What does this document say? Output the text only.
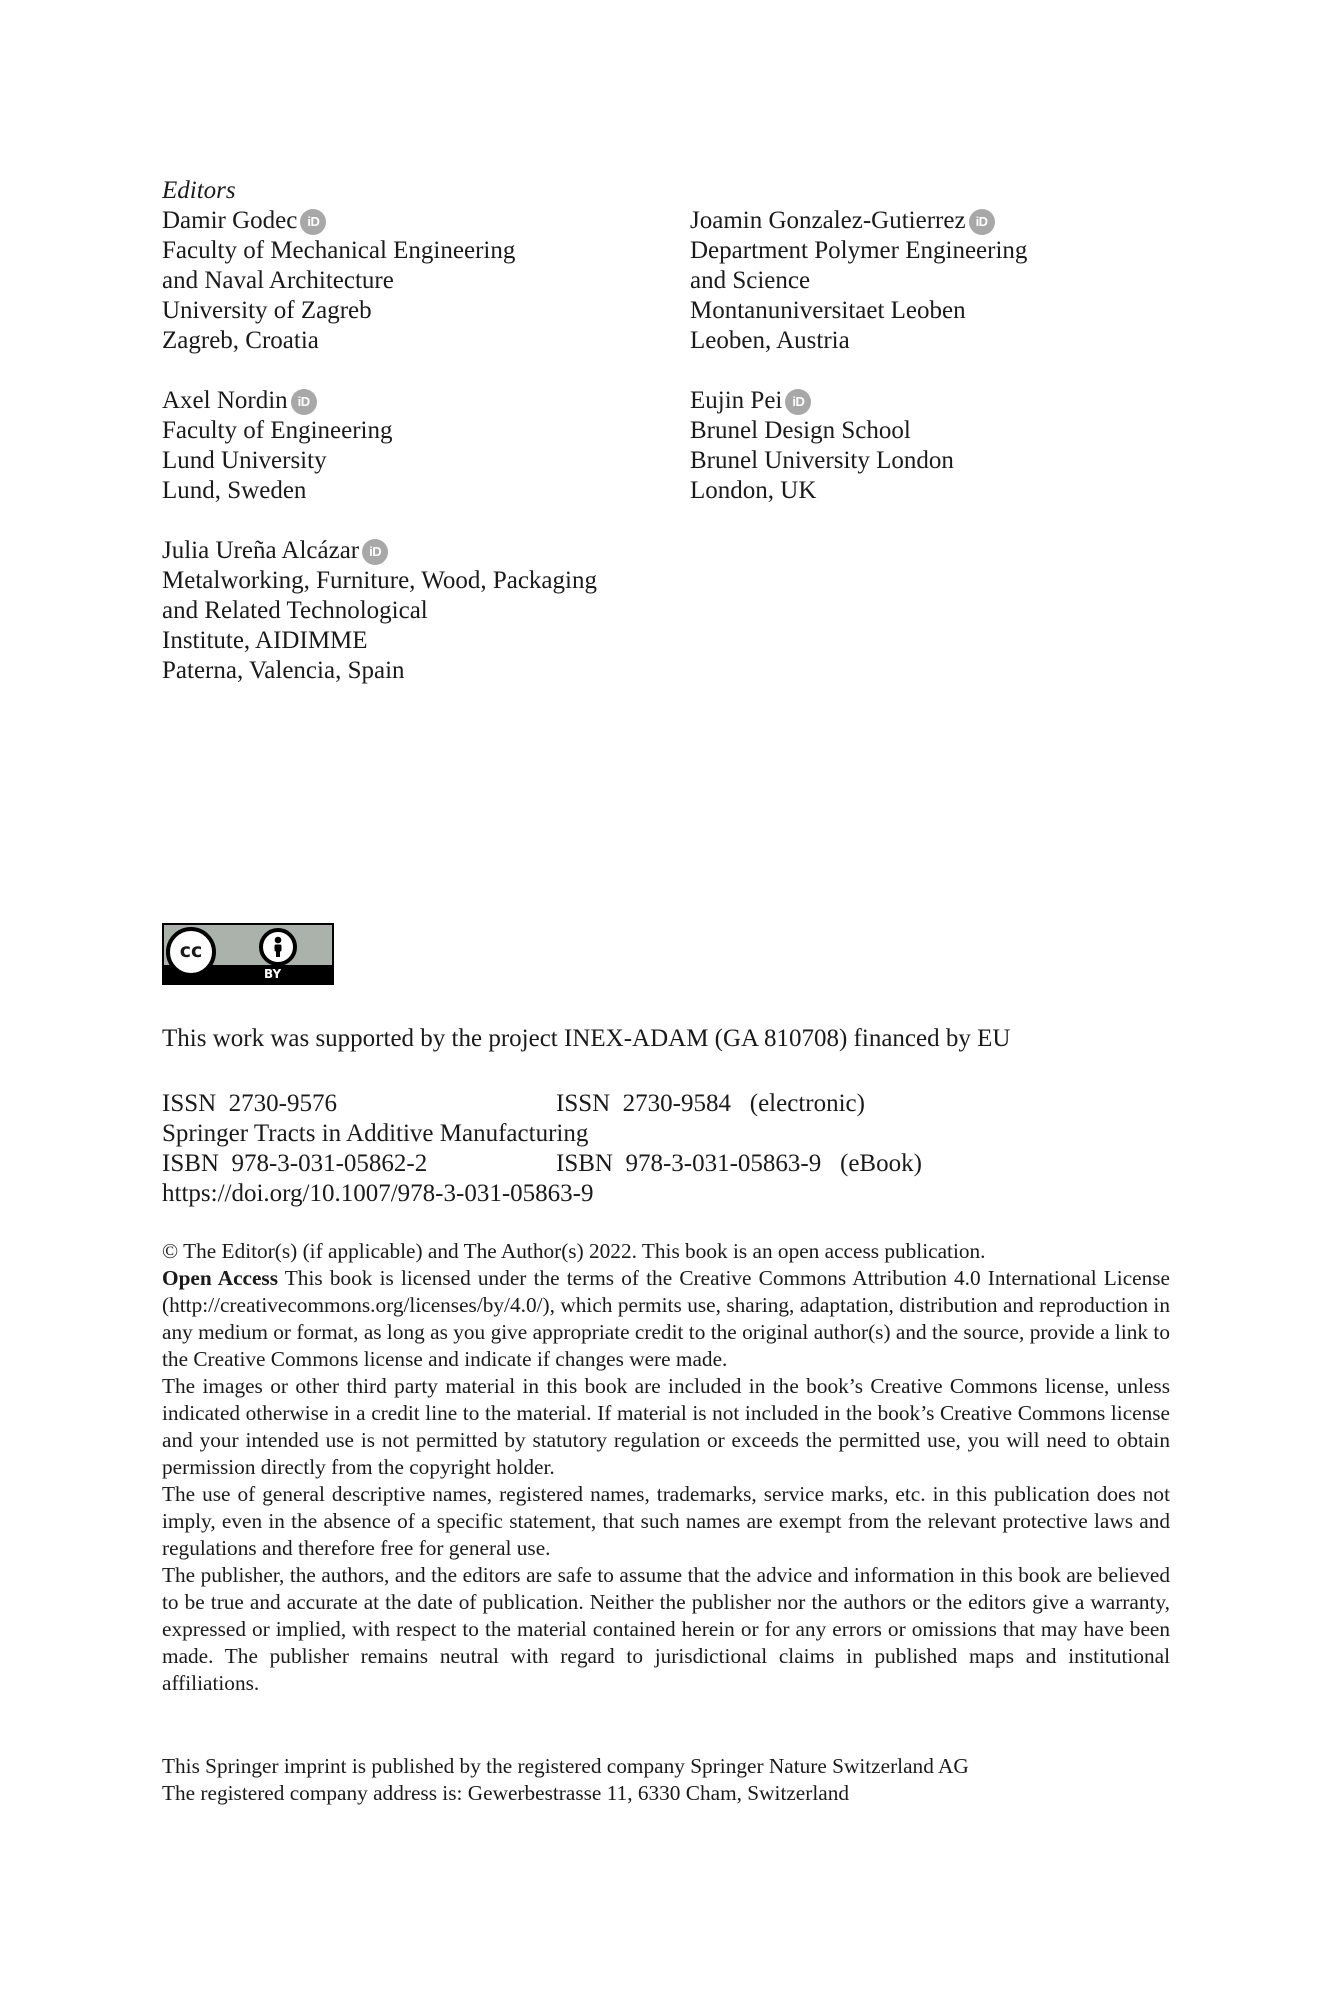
Editors
Damir Godec iD
Faculty of Mechanical Engineering
and Naval Architecture
University of Zagreb
Zagreb, Croatia
Joamin Gonzalez-Gutierrez iD
Department Polymer Engineering
and Science
Montanuniversitaet Leoben
Leoben, Austria
Axel Nordin iD
Faculty of Engineering
Lund University
Lund, Sweden
Eujin Pei iD
Brunel Design School
Brunel University London
London, UK
Julia Ureña Alcázar iD
Metalworking, Furniture, Wood, Packaging
and Related Technological
Institute, AIDIMME
Paterna, Valencia, Spain
cc
BY
This work was supported by the project INEX-ADAM (GA 810708) financed by EU
ISSN  2730-9576	ISSN  2730-9584   (electronic)
Springer Tracts in Additive Manufacturing
ISBN  978-3-031-05862-2	ISBN  978-3-031-05863-9   (eBook)
https://doi.org/10.1007/978-3-031-05863-9

© The Editor(s) (if applicable) and The Author(s) 2022. This book is an open access publication.

Open Access This book is licensed under the terms of the Creative Commons Attribution 4.0 International License (http://creativecommons.org/licenses/by/4.0/), which permits use, sharing, adaptation, distribution and reproduction in any medium or format, as long as you give appropriate credit to the original author(s) and the source, provide a link to the Creative Commons license and indicate if changes were made.

The images or other third party material in this book are included in the book’s Creative Commons license, unless indicated otherwise in a credit line to the material. If material is not included in the book’s Creative Commons license and your intended use is not permitted by statutory regulation or exceeds the permitted use, you will need to obtain permission directly from the copyright holder.

The use of general descriptive names, registered names, trademarks, service marks, etc. in this publication does not imply, even in the absence of a specific statement, that such names are exempt from the relevant protective laws and regulations and therefore free for general use.

The publisher, the authors, and the editors are safe to assume that the advice and information in this book are believed to be true and accurate at the date of publication. Neither the publisher nor the authors or the editors give a warranty, expressed or implied, with respect to the material contained herein or for any errors or omissions that may have been made. The publisher remains neutral with regard to jurisdictional claims in published maps and institutional affiliations.

This Springer imprint is published by the registered company Springer Nature Switzerland AG
The registered company address is: Gewerbestrasse 11, 6330 Cham, Switzerland
